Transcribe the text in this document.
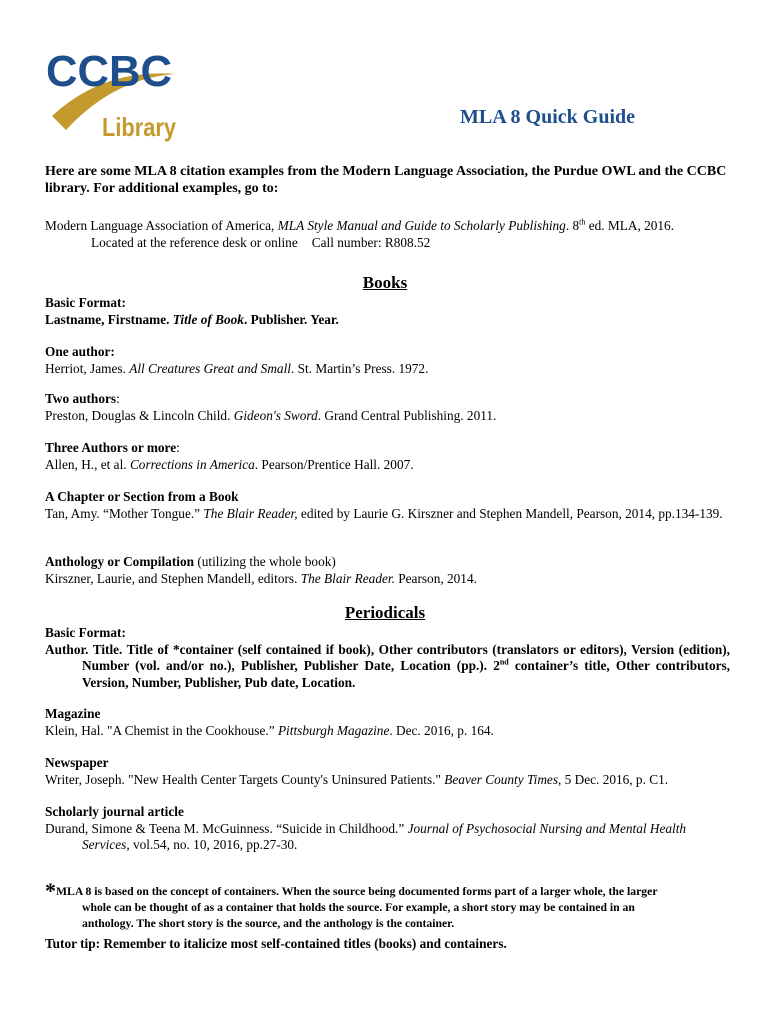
CCBC
Library	MLA 8 Quick Guide
Here are some MLA 8 citation examples from the Modern Language Association, the Purdue OWL and the CCBC library. For additional examples, go to:
Modern Language Association of America, MLA Style Manual and Guide to Scholarly Publishing. 8th ed. MLA, 2016.
Located at the reference desk or online Call number: R808.52
Books
Basic Format:
Lastname, Firstname. Title of Book. Publisher. Year.
One author:
Herriot, James. All Creatures Great and Small. St. Martin’s Press. 1972.
Two authors:
Preston, Douglas & Lincoln Child. Gideon's Sword. Grand Central Publishing. 2011.
Three Authors or more:
Allen, H., et al. Corrections in America. Pearson/Prentice Hall. 2007.
A Chapter or Section from a Book
Tan, Amy. “Mother Tongue.” The Blair Reader, edited by Laurie G. Kirszner and Stephen Mandell, Pearson, 2014, pp.134-139.
Anthology or Compilation (utilizing the whole book)
Kirszner, Laurie, and Stephen Mandell, editors. The Blair Reader. Pearson, 2014.
Periodicals
Basic Format:
Author. Title. Title of *container (self contained if book), Other contributors (translators or editors), Version (edition), Number (vol. and/or no.), Publisher, Publisher Date, Location (pp.). 2nd container’s title, Other contributors, Version, Number, Publisher, Pub date, Location.
Magazine
Klein, Hal. "A Chemist in the Cookhouse.” Pittsburgh Magazine. Dec. 2016, p. 164.
Newspaper
Writer, Joseph. "New Health Center Targets County's Uninsured Patients." Beaver County Times, 5 Dec. 2016, p. C1.
Scholarly journal article
Durand, Simone & Teena M. McGuinness. “Suicide in Childhood.” Journal of Psychosocial Nursing and Mental Health Services, vol.54, no. 10, 2016, pp.27-30.
*MLA 8 is based on the concept of containers. When the source being documented forms part of a larger whole, the larger
whole can be thought of as a container that holds the source. For example, a short story may be contained in an
anthology. The short story is the source, and the anthology is the container.
Tutor tip: Remember to italicize most self-contained titles (books) and containers.
